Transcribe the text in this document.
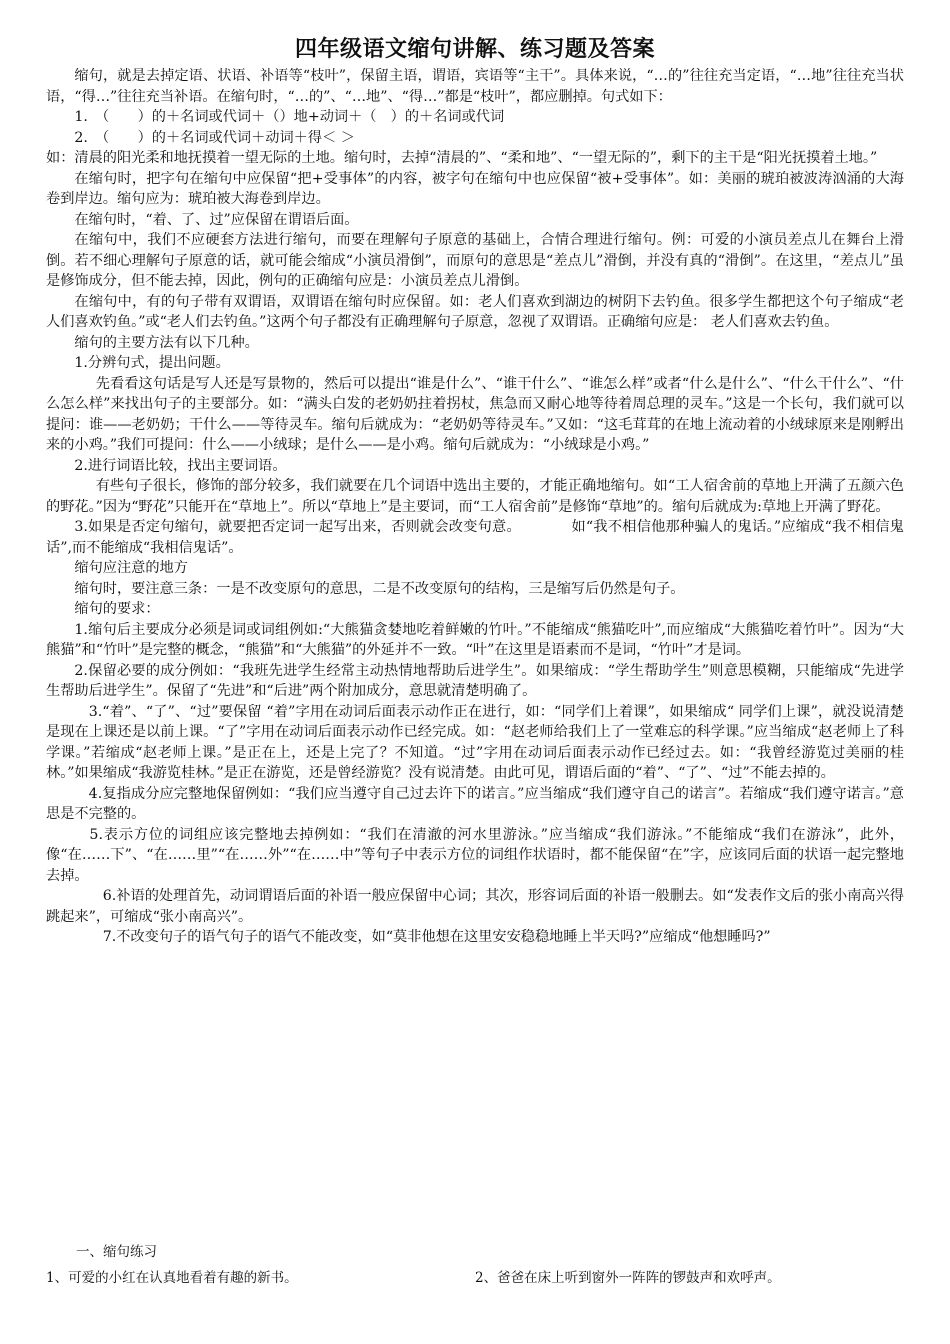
四年级语文缩句讲解、练习题及答案

缩句，就是去掉定语、状语、补语等“枝叶”，保留主语，谓语，宾语等“主干”。具体来说，“…的”往往充当定语，“…地”往往充当状语，“得…”往往充当补语。在缩句时，“…的”、“…地”、“得…”都是“枝叶”，都应删掉。句式如下：

1.　（　　）的＋名词或代词＋（）地+动词＋（　）的＋名词或代词

2.　（　　）的＋名词或代词＋动词＋得＜ ＞

如：清晨的阳光柔和地抚摸着一望无际的土地。缩句时，去掉“清晨的”、“柔和地”、“一望无际的”，剩下的主干是“阳光抚摸着土地。”

在缩句时，把字句在缩句中应保留“把+受事体”的内容，被字句在缩句中也应保留“被+受事体”。如：美丽的琥珀被波涛汹涌的大海卷到岸边。缩句应为：琥珀被大海卷到岸边。

在缩句时，“着、了、过”应保留在谓语后面。

在缩句中，我们不应硬套方法进行缩句，而要在理解句子原意的基础上，合情合理进行缩句。例：可爱的小演员差点儿在舞台上滑倒。若不细心理解句子原意的话，就可能会缩成“小演员滑倒”，而原句的意思是“差点儿”滑倒，并没有真的“滑倒”。在这里，“差点儿”虽是修饰成分，但不能去掉，因此，例句的正确缩句应是：小演员差点儿滑倒。

在缩句中，有的句子带有双谓语，双谓语在缩句时应保留。如：老人们喜欢到湖边的树阴下去钓鱼。很多学生都把这个句子缩成“老人们喜欢钓鱼。”或“老人们去钓鱼。”这两个句子都没有正确理解句子原意，忽视了双谓语。正确缩句应是： 老人们喜欢去钓鱼。

缩句的主要方法有以下几种。

1.分辨句式，提出问题。

先看看这句话是写人还是写景物的，然后可以提出“谁是什么”、“谁干什么”、“谁怎么样”或者“什么是什么”、“什么干什么”、“什么怎么样”来找出句子的主要部分。如：“满头白发的老奶奶拄着拐杖，焦急而又耐心地等待着周总理的灵车。”这是一个长句，我们就可以提问：谁——老奶奶；干什么——等待灵车。缩句后就成为：“老奶奶等待灵车。”又如：“这毛茸茸的在地上流动着的小绒球原来是刚孵出来的小鸡。”我们可提问：什么——小绒球；是什么——是小鸡。缩句后就成为：“小绒球是小鸡。”

2.进行词语比较，找出主要词语。

有些句子很长，修饰的部分较多，我们就要在几个词语中选出主要的，才能正确地缩句。如“工人宿舍前的草地上开满了五颜六色的野花。”因为“野花”只能开在“草地上”。所以“草地上”是主要词，而“工人宿舍前”是修饰“草地”的。缩句后就成为:草地上开满了野花。

3.如果是否定句缩句，就要把否定词一起写出来，否则就会改变句意。　　　　如“我不相信他那种骗人的鬼话。”应缩成“我不相信鬼话”,而不能缩成“我相信鬼话”。

缩句应注意的地方

缩句时，要注意三条：一是不改变原句的意思，二是不改变原句的结构，三是缩写后仍然是句子。

缩句的要求：

1.缩句后主要成分必须是词或词组例如:“大熊猫贪婪地吃着鲜嫩的竹叶。”不能缩成“熊猫吃叶”,而应缩成“大熊猫吃着竹叶”。因为“大熊猫”和“竹叶”是完整的概念，“熊猫”和“大熊猫”的外延并不一致。“叶”在这里是语素而不是词，“竹叶”才是词。

2.保留必要的成分例如：“我班先进学生经常主动热情地帮助后进学生”。如果缩成：“学生帮助学生”则意思模糊，只能缩成“先进学生帮助后进学生”。保留了“先进”和“后进”两个附加成分，意思就清楚明确了。

　3.“着”、“了”、“过”要保留 “着”字用在动词后面表示动作正在进行，如：“同学们上着课”，如果缩成“ 同学们上课”，就没说清楚是现在上课还是以前上课。“了”字用在动词后面表示动作已经完成。如：“赵老师给我们上了一堂难忘的科学课。”应当缩成“赵老师上了科学课。”若缩成“赵老师上课。”是正在上，还是上完了？不知道。“过”字用在动词后面表示动作已经过去。如：“我曾经游览过美丽的桂林。”如果缩成“我游览桂林。”是正在游览，还是曾经游览？没有说清楚。由此可见，谓语后面的“着”、“了”、“过”不能去掉的。

　4.复指成分应完整地保留例如：“我们应当遵守自己过去许下的诺言。”应当缩成“我们遵守自己的诺言”。若缩成“我们遵守诺言。”意思是不完整的。

　5.表示方位的词组应该完整地去掉例如：“我们在清澈的河水里游泳。”应当缩成“我们游泳。”不能缩成“我们在游泳”，此外，像“在……下”、“在……里”“在……外”“在……中”等句子中表示方位的词组作状语时，都不能保留“在”字，应该同后面的状语一起完整地去掉。

　　6.补语的处理首先，动词谓语后面的补语一般应保留中心词；其次，形容词后面的补语一般删去。如“发表作文后的张小南高兴得跳起来”，可缩成“张小南高兴”。

　　7.不改变句子的语气句子的语气不能改变，如“莫非他想在这里安安稳稳地睡上半天吗?”应缩成“他想睡吗?”

一、缩句练习
1、可爱的小红在认真地看着有趣的新书。	2、爸爸在床上听到窗外一阵阵的锣鼓声和欢呼声。
